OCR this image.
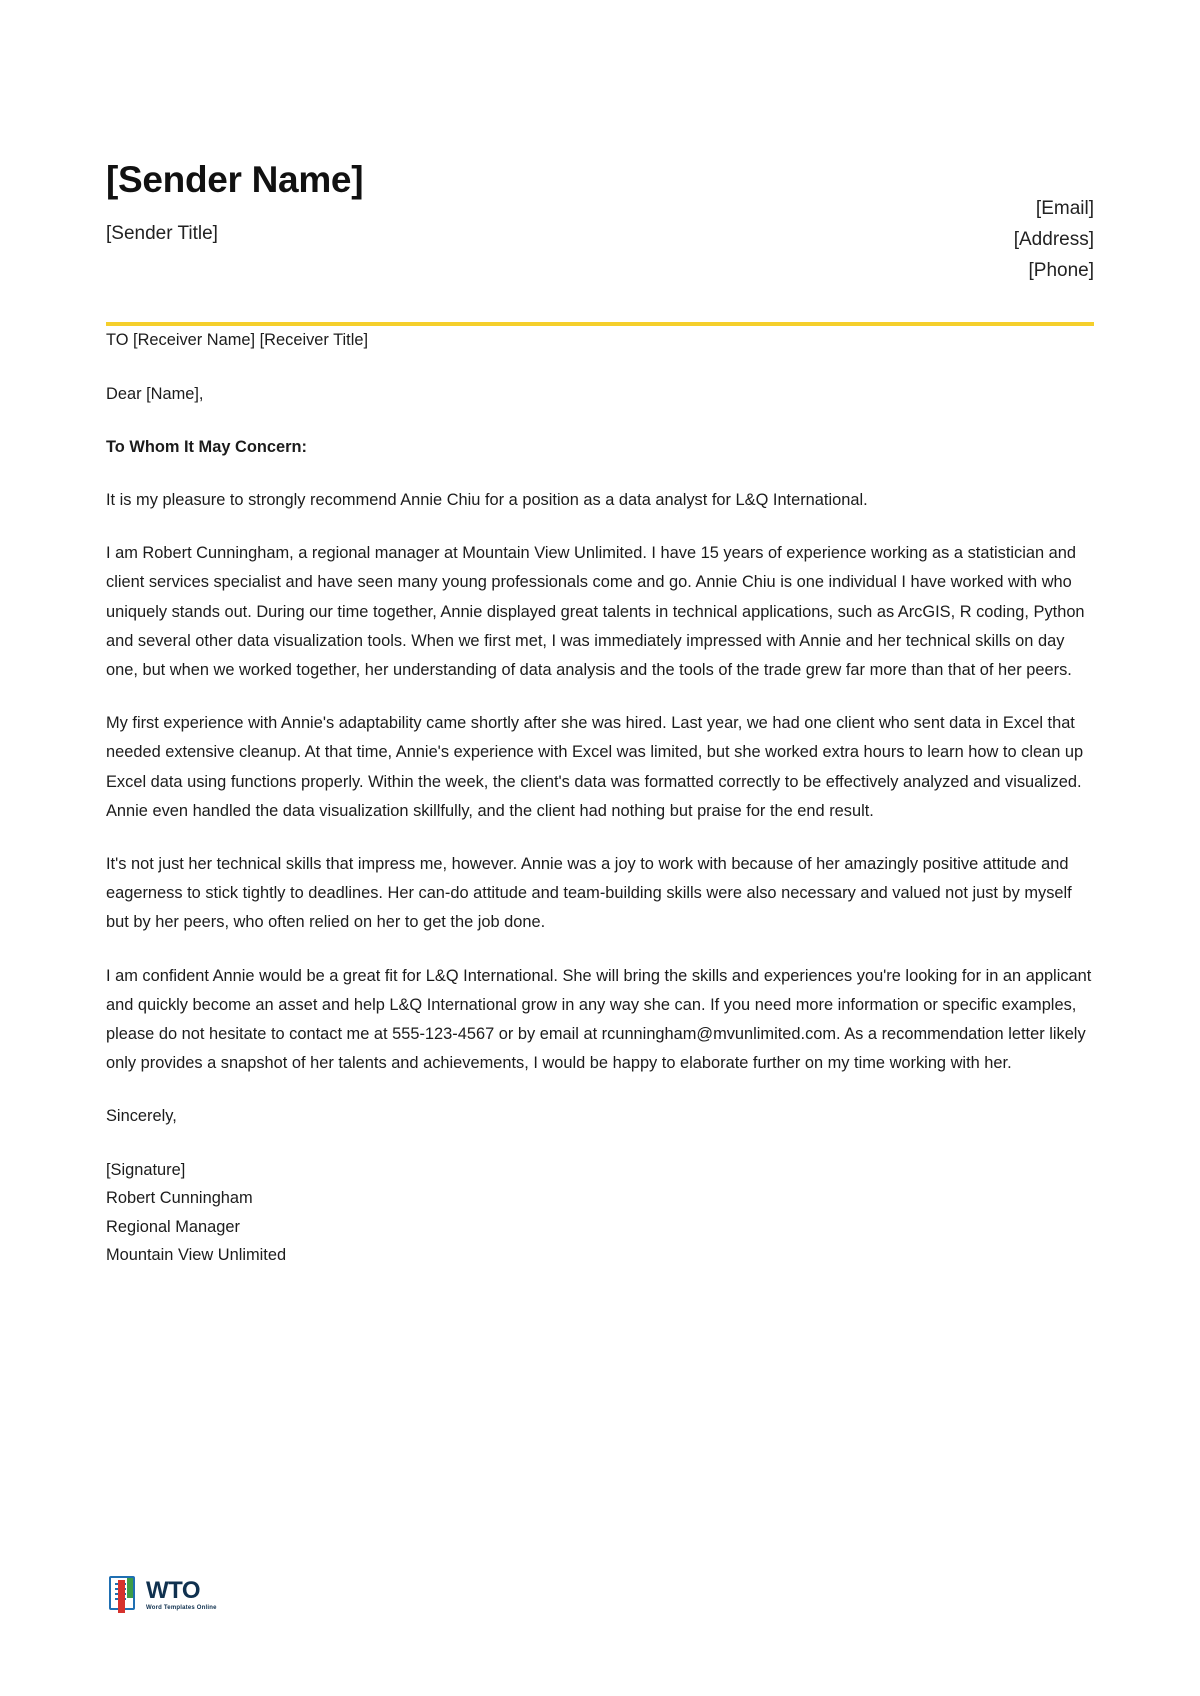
[Sender Name]
[Sender Title]
[Email]
[Address]
[Phone]

TO [Receiver Name] [Receiver Title]

Dear [Name],

To Whom It May Concern:

It is my pleasure to strongly recommend Annie Chiu for a position as a data analyst for L&Q International.

I am Robert Cunningham, a regional manager at Mountain View Unlimited. I have 15 years of experience working as a statistician and client services specialist and have seen many young professionals come and go. Annie Chiu is one individual I have worked with who uniquely stands out. During our time together, Annie displayed great talents in technical applications, such as ArcGIS, R coding, Python and several other data visualization tools. When we first met, I was immediately impressed with Annie and her technical skills on day one, but when we worked together, her understanding of data analysis and the tools of the trade grew far more than that of her peers.

My first experience with Annie's adaptability came shortly after she was hired. Last year, we had one client who sent data in Excel that needed extensive cleanup. At that time, Annie's experience with Excel was limited, but she worked extra hours to learn how to clean up Excel data using functions properly. Within the week, the client's data was formatted correctly to be effectively analyzed and visualized. Annie even handled the data visualization skillfully, and the client had nothing but praise for the end result.

It's not just her technical skills that impress me, however. Annie was a joy to work with because of her amazingly positive attitude and eagerness to stick tightly to deadlines. Her can-do attitude and team-building skills were also necessary and valued not just by myself but by her peers, who often relied on her to get the job done.

I am confident Annie would be a great fit for L&Q International. She will bring the skills and experiences you're looking for in an applicant and quickly become an asset and help L&Q International grow in any way she can. If you need more information or specific examples, please do not hesitate to contact me at 555-123-4567 or by email at rcunningham@mvunlimited.com. As a recommendation letter likely only provides a snapshot of her talents and achievements, I would be happy to elaborate further on my time working with her.

Sincerely,

[Signature]
Robert Cunningham
Regional Manager
Mountain View Unlimited
WTO
Word Templates Online
